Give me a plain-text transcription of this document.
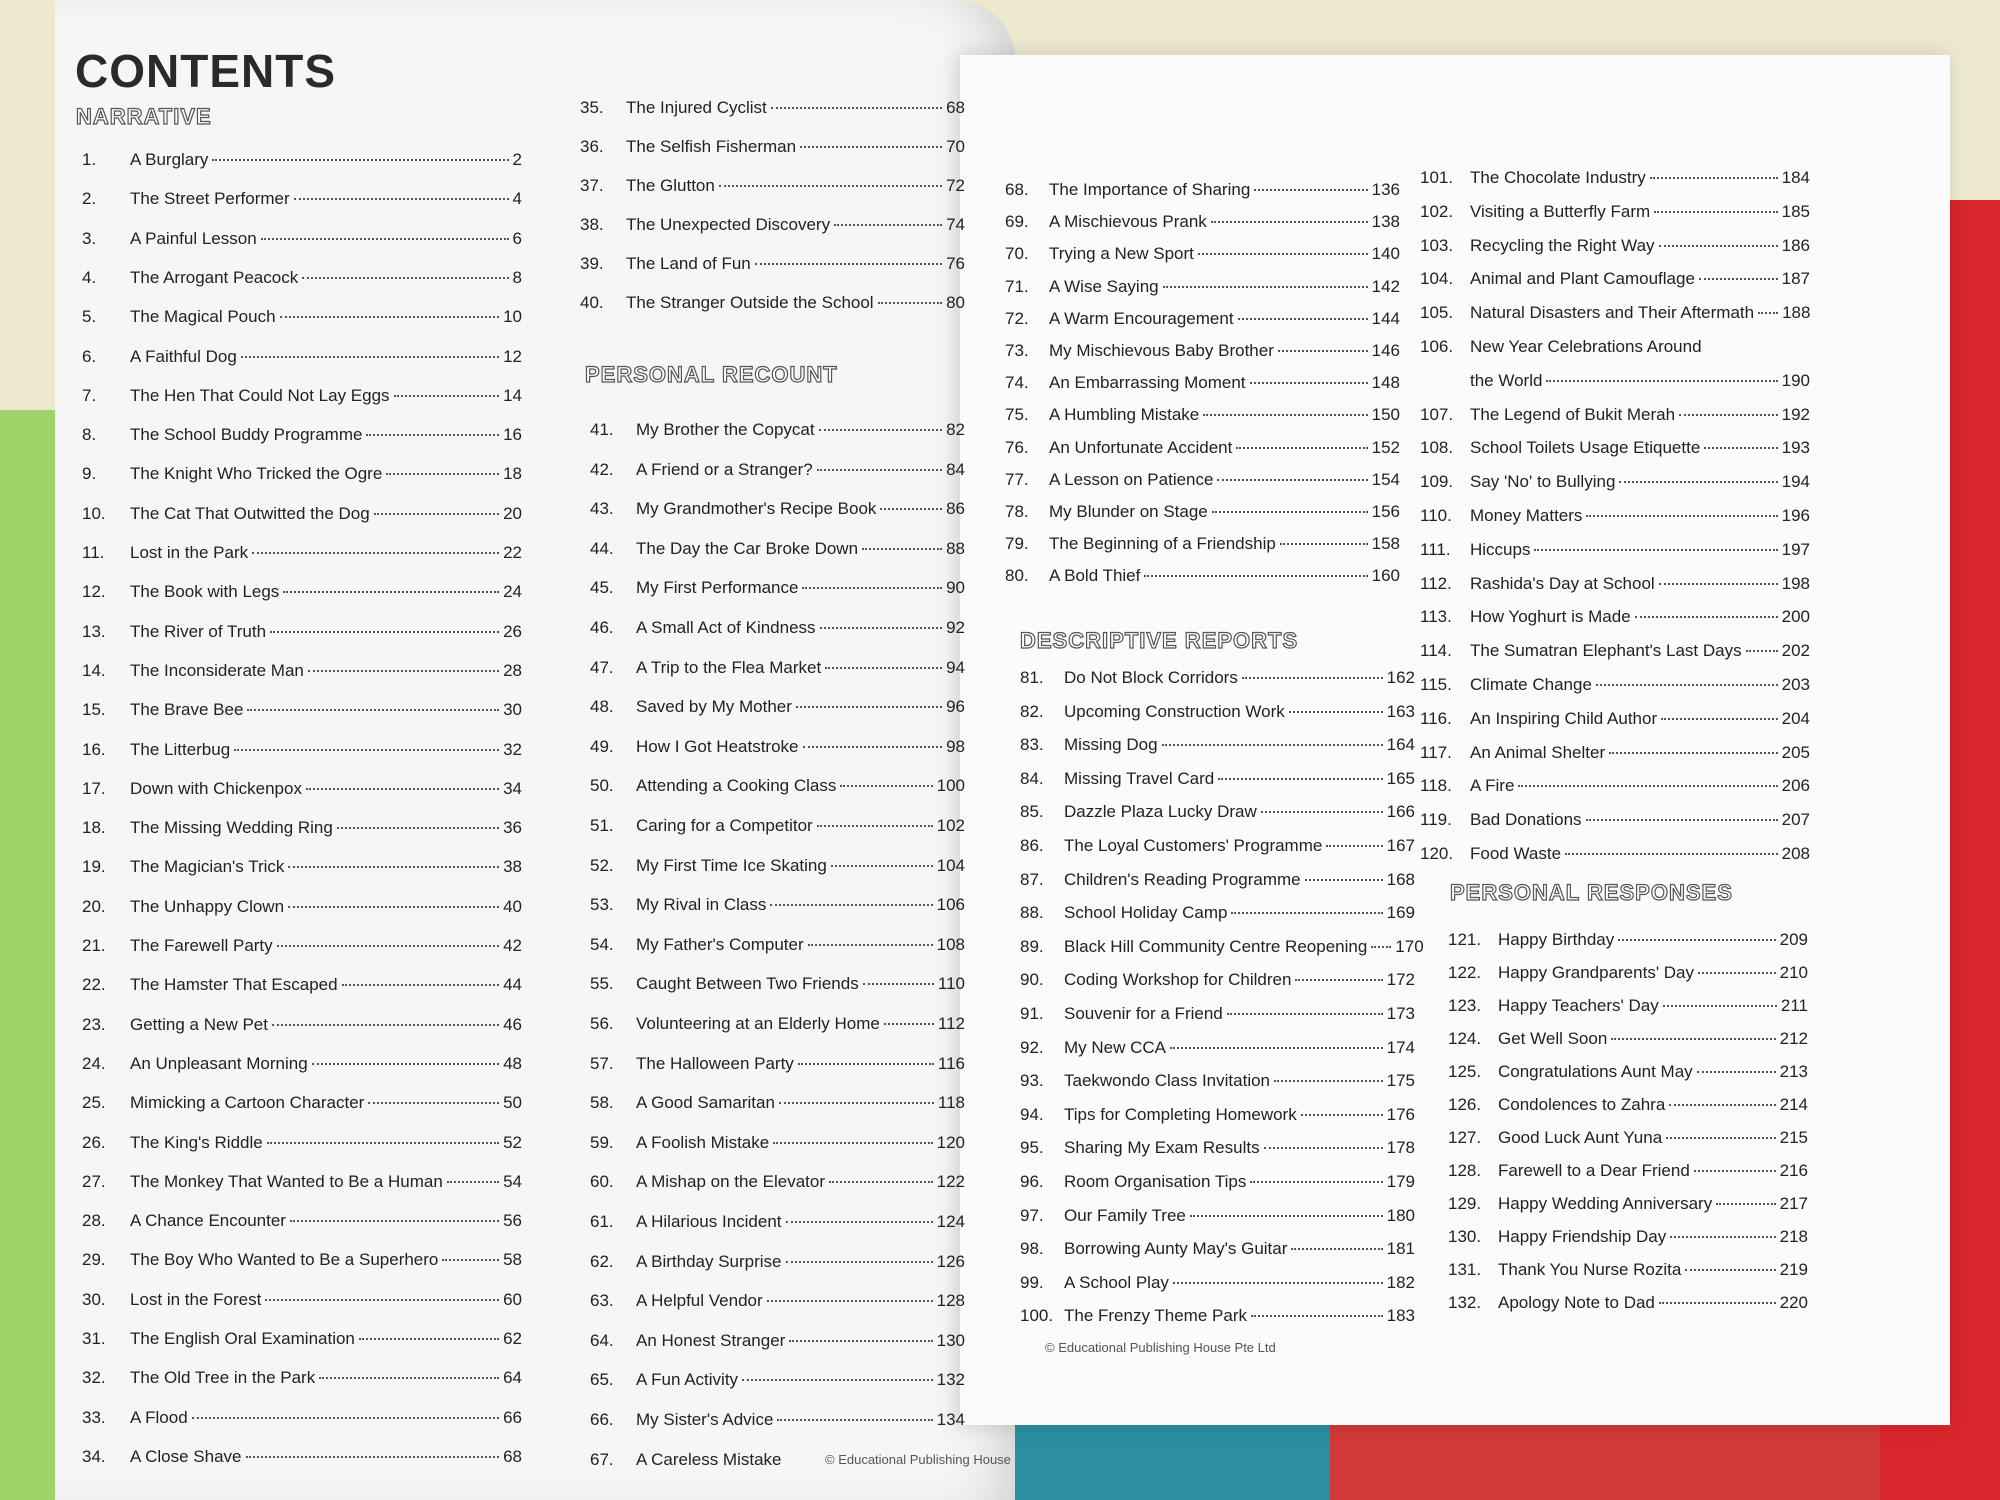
CONTENTS
NARRATIVE
PERSONAL RECOUNT
DESCRIPTIVE REPORTS
PERSONAL RESPONSES
1.	A Burglary	2
2.	The Street Performer	4
3.	A Painful Lesson	6
4.	The Arrogant Peacock	8
5.	The Magical Pouch	10
6.	A Faithful Dog	12
7.	The Hen That Could Not Lay Eggs	14
8.	The School Buddy Programme	16
9.	The Knight Who Tricked the Ogre	18
10.	The Cat That Outwitted the Dog	20
11.	Lost in the Park	22
12.	The Book with Legs	24
13.	The River of Truth	26
14.	The Inconsiderate Man	28
15.	The Brave Bee	30
16.	The Litterbug	32
17.	Down with Chickenpox	34
18.	The Missing Wedding Ring	36
19.	The Magician's Trick	38
20.	The Unhappy Clown	40
21.	The Farewell Party	42
22.	The Hamster That Escaped	44
23.	Getting a New Pet	46
24.	An Unpleasant Morning	48
25.	Mimicking a Cartoon Character	50
26.	The King's Riddle	52
27.	The Monkey That Wanted to Be a Human	54
28.	A Chance Encounter	56
29.	The Boy Who Wanted to Be a Superhero	58
30.	Lost in the Forest	60
31.	The English Oral Examination	62
32.	The Old Tree in the Park	64
33.	A Flood	66
34.	A Close Shave	68
35.	The Injured Cyclist	68
36.	The Selfish Fisherman	70
37.	The Glutton	72
38.	The Unexpected Discovery	74
39.	The Land of Fun	76
40.	The Stranger Outside the School	80
41.	My Brother the Copycat	82
42.	A Friend or a Stranger?	84
43.	My Grandmother's Recipe Book	86
44.	The Day the Car Broke Down	88
45.	My First Performance	90
46.	A Small Act of Kindness	92
47.	A Trip to the Flea Market	94
48.	Saved by My Mother	96
49.	How I Got Heatstroke	98
50.	Attending a Cooking Class	100
51.	Caring for a Competitor	102
52.	My First Time Ice Skating	104
53.	My Rival in Class	106
54.	My Father's Computer	108
55.	Caught Between Two Friends	110
56.	Volunteering at an Elderly Home	112
57.	The Halloween Party	116
58.	A Good Samaritan	118
59.	A Foolish Mistake	120
60.	A Mishap on the Elevator	122
61.	A Hilarious Incident	124
62.	A Birthday Surprise	126
63.	A Helpful Vendor	128
64.	An Honest Stranger	130
65.	A Fun Activity	132
66.	My Sister's Advice	134
67.	A Careless Mistake
68.	The Importance of Sharing	136
69.	A Mischievous Prank	138
70.	Trying a New Sport	140
71.	A Wise Saying	142
72.	A Warm Encouragement	144
73.	My Mischievous Baby Brother	146
74.	An Embarrassing Moment	148
75.	A Humbling Mistake	150
76.	An Unfortunate Accident	152
77.	A Lesson on Patience	154
78.	My Blunder on Stage	156
79.	The Beginning of a Friendship	158
80.	A Bold Thief	160
81.	Do Not Block Corridors	162
82.	Upcoming Construction Work	163
83.	Missing Dog	164
84.	Missing Travel Card	165
85.	Dazzle Plaza Lucky Draw	166
86.	The Loyal Customers' Programme	167
87.	Children's Reading Programme	168
88.	School Holiday Camp	169
89.	Black Hill Community Centre Reopening 170
90.	Coding Workshop for Children	172
91.	Souvenir for a Friend	173
92.	My New CCA	174
93.	Taekwondo Class Invitation	175
94.	Tips for Completing Homework	176
95.	Sharing My Exam Results	178
96.	Room Organisation Tips	179
97.	Our Family Tree	180
98.	Borrowing Aunty May's Guitar	181
99.	A School Play	182
100. The Frenzy Theme Park	183
101. The Chocolate Industry	184
102. Visiting a Butterfly Farm	185
103. Recycling the Right Way	186
104. Animal and Plant Camouflage	187
105. Natural Disasters and Their Aftermath 188
106. New Year Celebrations Around
the World	190
107. The Legend of Bukit Merah	192
108. School Toilets Usage Etiquette	193
109. Say 'No' to Bullying	194
110.	Money Matters	196
111.	Hiccups	197
112.	Rashida's Day at School	198
113.	How Yoghurt is Made	200
114.	The Sumatran Elephant's Last Days 202
115.	Climate Change	203
116.	An Inspiring Child Author	204
117.	An Animal Shelter	205
118.	A Fire	206
119.	Bad Donations	207
120. Food Waste	208
121. Happy Birthday	209
122. Happy Grandparents' Day	210
123. Happy Teachers' Day	211
124. Get Well Soon	212
125. Congratulations Aunt May	213
126. Condolences to Zahra	214
127. Good Luck Aunt Yuna	215
128. Farewell to a Dear Friend	216
129. Happy Wedding Anniversary	217
130. Happy Friendship Day	218
131. Thank You Nurse Rozita	219
132. Apology Note to Dad	220
© Educational Publishing House
© Educational Publishing House Pte Ltd
